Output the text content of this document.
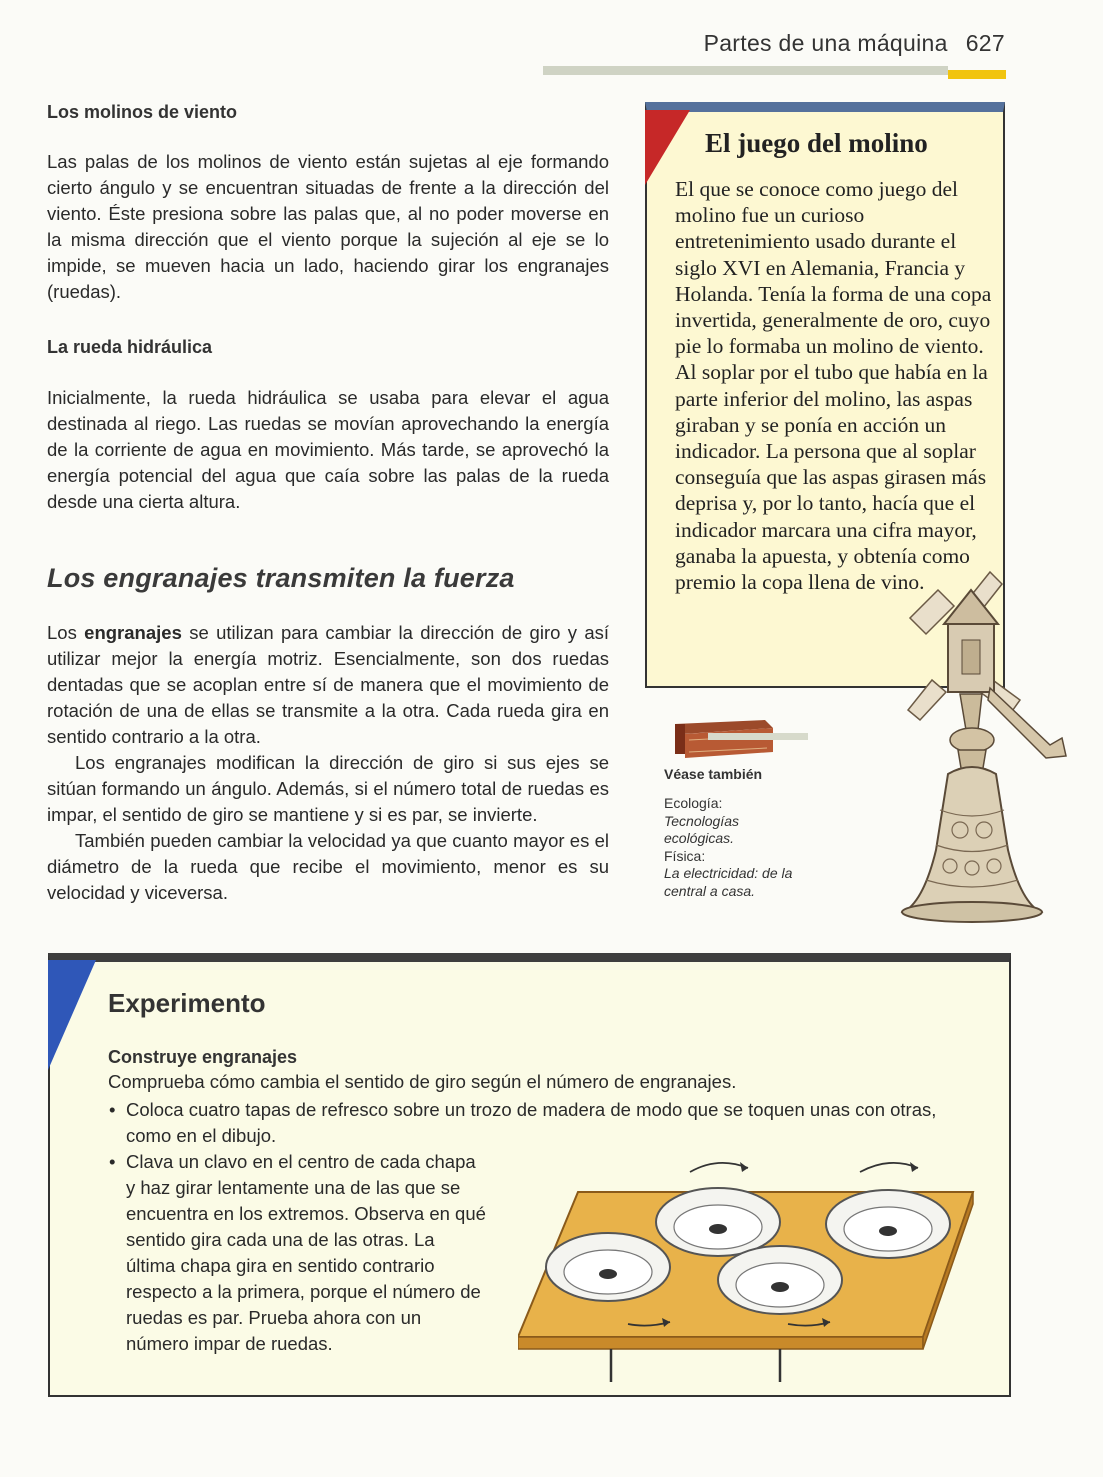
Partes de una máquina 627
Los molinos de viento

Las palas de los molinos de viento están sujetas al eje formando cierto ángulo y se encuentran situadas de frente a la dirección del viento. Éste presiona sobre las palas que, al no poder moverse en la misma dirección que el viento porque la sujeción al eje se lo impide, se mueven hacia un lado, haciendo girar los engranajes (ruedas).

La rueda hidráulica

Inicialmente, la rueda hidráulica se usaba para elevar el agua destinada al riego. Las ruedas se movían aprovechando la energía de la corriente de agua en movimiento. Más tarde, se aprovechó la energía potencial del agua que caía sobre las palas de la rueda desde una cierta altura.

Los engranajes transmiten la fuerza

Los engranajes se utilizan para cambiar la dirección de giro y así utilizar mejor la energía motriz. Esencialmente, son dos ruedas dentadas que se acoplan entre sí de manera que el movimiento de rotación de una de ellas se transmite a la otra. Cada rueda gira en sentido contrario a la otra.

Los engranajes modifican la dirección de giro si sus ejes se sitúan formando un ángulo. Además, si el número total de ruedas es impar, el sentido de giro se mantiene y si es par, se invierte.

También pueden cambiar la velocidad ya que cuanto mayor es el diámetro de la rueda que recibe el movimiento, menor es su velocidad y viceversa.

El juego del molino
El que se conoce como juego del molino fue un curioso entretenimiento usado durante el siglo XVI en Alemania, Francia y Holanda. Tenía la forma de una copa invertida, generalmente de oro, cuyo pie lo formaba un molino de viento. Al soplar por el tubo que había en la parte inferior del molino, las aspas giraban y se ponía en acción un indicador. La persona que al soplar conseguía que las aspas girasen más deprisa y, por lo tanto, hacía que el indicador marcara una cifra mayor, ganaba la apuesta, y obtenía como premio la copa llena de vino.
Véase también
Ecología:
Tecnologías ecológicas.
Física:
La electricidad: de la central a casa.
Experimento
Construye engranajes
Comprueba cómo cambia el sentido de giro según el número de engranajes.
• Coloca cuatro tapas de refresco sobre un trozo de madera de modo que se toquen unas con otras, como en el dibujo.
• Clava un clavo en el centro de cada chapa y haz girar lentamente una de las que se encuentra en los extremos. Observa en qué sentido gira cada una de las otras. La última chapa gira en sentido contrario respecto a la primera, porque el número de ruedas es par. Prueba ahora con un número impar de ruedas.
